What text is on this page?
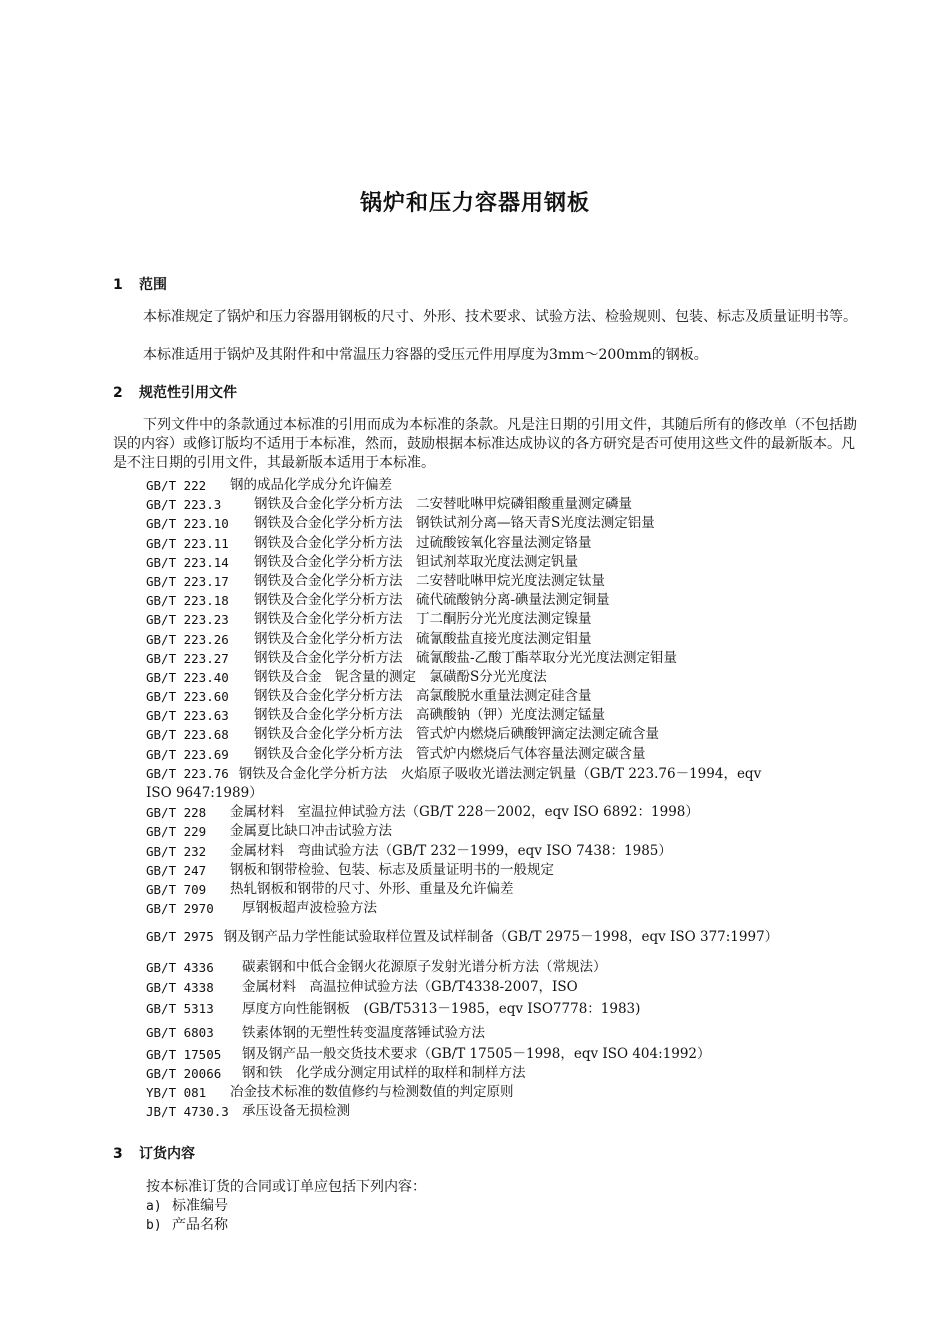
锅炉和压力容器用钢板
1 范围
本标准规定了锅炉和压力容器用钢板的尺寸、外形、技术要求、试验方法、检验规则、包装、标志及质量证明书等。
本标准适用于锅炉及其附件和中常温压力容器的受压元件用厚度为3mm～200mm的钢板。
2 规范性引用文件
下列文件中的条款通过本标准的引用而成为本标准的条款。凡是注日期的引用文件，其随后所有的修改单（不包括勘误的内容）或修订版均不适用于本标准，然而，鼓励根据本标准达成协议的各方研究是否可使用这些文件的最新版本。凡是不注日期的引用文件，其最新版本适用于本标准。
GB/T 222	钢的成品化学成分允许偏差
GB/T 223.3	钢铁及合金化学分析方法　二安替吡啉甲烷磷钼酸重量测定磷量
GB/T 223.10	钢铁及合金化学分析方法　钢铁试剂分离—铬天青S光度法测定铝量
GB/T 223.11	钢铁及合金化学分析方法　过硫酸铵氧化容量法测定铬量
GB/T 223.14	钢铁及合金化学分析方法　钽试剂萃取光度法测定钒量
GB/T 223.17	钢铁及合金化学分析方法　二安替吡啉甲烷光度法测定钛量
GB/T 223.18	钢铁及合金化学分析方法　硫代硫酸钠分离-碘量法测定铜量
GB/T 223.23	钢铁及合金化学分析方法　丁二酮肟分光光度法测定镍量
GB/T 223.26	钢铁及合金化学分析方法　硫氰酸盐直接光度法测定钼量
GB/T 223.27	钢铁及合金化学分析方法　硫氰酸盐-乙酸丁酯萃取分光光度法测定钼量
GB/T 223.40	钢铁及合金　铌含量的测定　氯磺酚S分光光度法
GB/T 223.60	钢铁及合金化学分析方法　高氯酸脱水重量法测定硅含量
GB/T 223.63	钢铁及合金化学分析方法　高碘酸钠（钾）光度法测定锰量
GB/T 223.68	钢铁及合金化学分析方法　管式炉内燃烧后碘酸钾滴定法测定硫含量
GB/T 223.69	钢铁及合金化学分析方法　管式炉内燃烧后气体容量法测定碳含量
GB/T 223.76 钢铁及合金化学分析方法　火焰原子吸收光谱法测定钒量（GB/T 223.76－1994，eqv　　　　　　ISO 9647:1989）
GB/T 228	金属材料　室温拉伸试验方法（GB/T 228－2002，eqv ISO 6892：1998）
GB/T 229	金属夏比缺口冲击试验方法
GB/T 232	金属材料　弯曲试验方法（GB/T 232－1999，eqv ISO 7438：1985）
GB/T 247	钢板和钢带检验、包装、标志及质量证明书的一般规定
GB/T 709	热轧钢板和钢带的尺寸、外形、重量及允许偏差
GB/T 2970	厚钢板超声波检验方法
GB/T 2975 钢及钢产品力学性能试验取样位置及试样制备（GB/T 2975－1998，eqv ISO 377:1997）
GB/T 4336	碳素钢和中低合金钢火花源原子发射光谱分析方法（常规法）
GB/T 4338	金属材料　高温拉伸试验方法（GB/T4338-2007，ISO
GB/T 5313	厚度方向性能钢板　(GB/T5313－1985，eqv ISO7778：1983)
GB/T 6803	铁素体钢的无塑性转变温度落锤试验方法
GB/T 17505	钢及钢产品一般交货技术要求（GB/T 17505－1998，eqv ISO 404:1992）
GB/T 20066	钢和铁　化学成分测定用试样的取样和制样方法
YB/T 081	冶金技术标准的数值修约与检测数值的判定原则
JB/T 4730.3 承压设备无损检测
3 订货内容
按本标准订货的合同或订单应包括下列内容：
a) 标准编号
b) 产品名称
